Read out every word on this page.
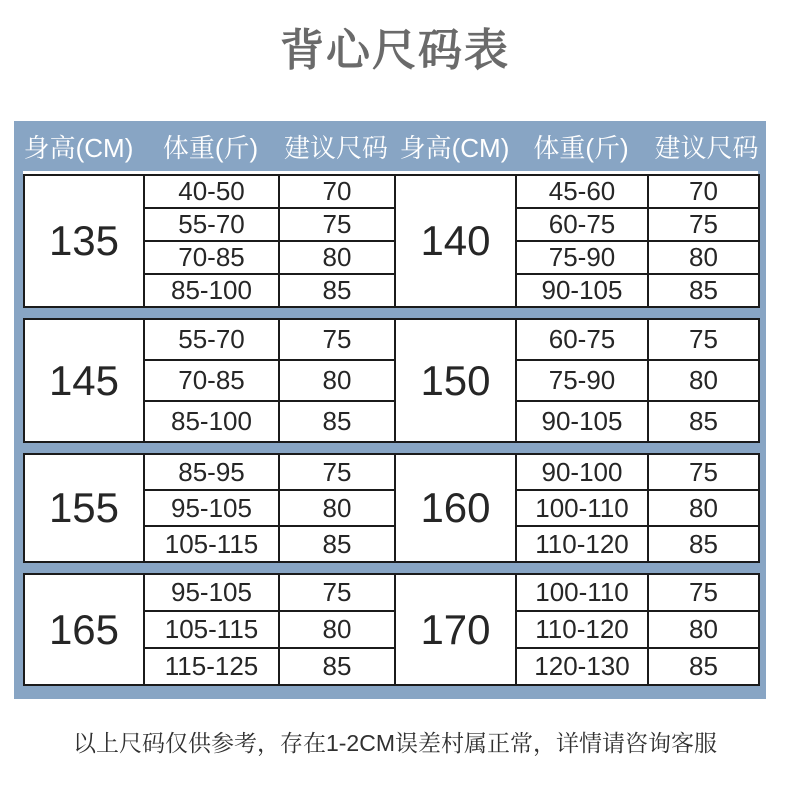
背心尺码表
身高(CM)	体重(斤) 建议尺码 身高(CM) 体重(斤) 建议尺码
135	40-50	70	140	45-60	70
	55-70	75		60-75	75
	70-85	80		75-90	80
	85-100	85		90-105	85
145	55-70	75	150	60-75	75
	70-85	80		75-90	80
	85-100	85		90-105	85
155	85-95	75	160	90-100	75
	95-105	80		100-110	80
	105-115	85		110-120	85
165	95-105	75	170	100-110	75
	105-115	80		110-120	80
	115-125	85		120-130	85

以上尺码仅供参考，存在1-2CM误差村属正常，详情请咨询客服
